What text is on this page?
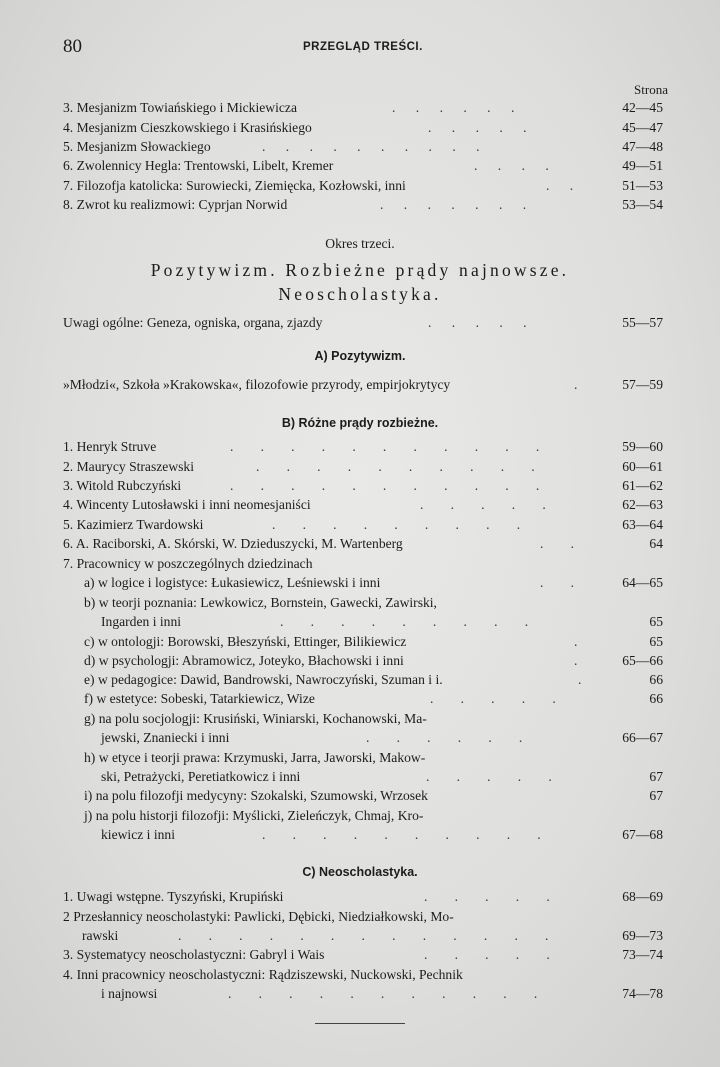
80	PRZEGLĄD TREŚCI.
Strona
3. Mesjanizm Towiańskiego i Mickiewicza	.      .      .      .      .      .	42—45
4. Mesjanizm Cieszkowskiego i Krasińskiego	.      .      .      .      .	45—47
5. Mesjanizm Słowackiego	.      .      .      .      .      .      .      .      .      .	47—48
6. Zwolennicy Hegla: Trentowski, Libelt, Kremer	.      .      .      .	49—51
7. Filozofja katolicka: Surowiecki, Ziemięcka, Kozłowski, inni	.      .	51—53
8. Zwrot ku realizmowi: Cyprjan Norwid	.      .      .      .      .      .      .	53—54
Okres trzeci.
Pozytywizm. Rozbieżne prądy najnowsze.
Neoscholastyka.
Uwagi ogólne: Geneza, ogniska, organa, zjazdy	.      .      .      .      .	55—57
A) Pozytywizm.
»Młodzi«, Szkoła »Krakowska«, filozofowie przyrody, empirjokrytycy	.	57—59
B) Różne prądy rozbieżne.
1. Henryk Struve	.        .        .        .        .        .        .        .        .        .        .	59—60
2. Maurycy Straszewski	.        .        .        .        .        .        .        .        .        .	60—61
3. Witold Rubczyński	.        .        .        .        .        .        .        .        .        .        .	61—62
4. Wincenty Lutosławski i inni neomesjaniści	.        .        .        .        .	62—63
5. Kazimierz Twardowski	.        .        .        .        .        .        .        .        .	63—64
6. A. Raciborski, A. Skórski, W. Dzieduszycki, M. Wartenberg	.        .	64
7. Pracownicy w poszczególnych dziedzinach
a) w logice i logistyce: Łukasiewicz, Leśniewski i inni	.        .	64—65
b) w teorji poznania: Lewkowicz, Bornstein, Gawecki, Zawirski,
Ingarden i inni	.        .        .        .        .        .        .        .        .	65
c) w ontologji: Borowski, Błeszyński, Ettinger, Bilikiewicz	.	65
d) w psychologji: Abramowicz, Joteyko, Błachowski i inni	.	65—66
e) w pedagogice: Dawid, Bandrowski, Nawroczyński, Szuman i i.	.	66
f) w estetyce: Sobeski, Tatarkiewicz, Wize	.        .        .        .        .	66
g) na polu socjologji: Krusiński, Winiarski, Kochanowski, Ma-
jewski, Znaniecki i inni	.        .        .        .        .        .	66—67
h) w etyce i teorji prawa: Krzymuski, Jarra, Jaworski, Makow-
ski, Petrażycki, Peretiatkowicz i inni	.        .        .        .        .	67
i) na polu filozofji medycyny: Szokalski, Szumowski, Wrzosek	67
j) na polu historji filozofji: Myślicki, Zieleńczyk, Chmaj, Kro-
kiewicz i inni	.        .        .        .        .        .        .        .        .        .	67—68
C) Neoscholastyka.
1. Uwagi wstępne. Tyszyński, Krupiński	.        .        .        .        .	68—69
2 Przesłannicy neoscholastyki: Pawlicki, Dębicki, Niedziałkowski, Mo-
rawski	.        .        .        .        .        .        .        .        .        .        .        .        .	69—73
3. Systematycy neoscholastyczni: Gabryl i Wais	.        .        .        .        .	73—74
4. Inni pracownicy neoscholastyczni: Rądziszewski, Nuckowski, Pechnik
i najnowsi	.        .        .        .        .        .        .        .        .        .        .	74—78
